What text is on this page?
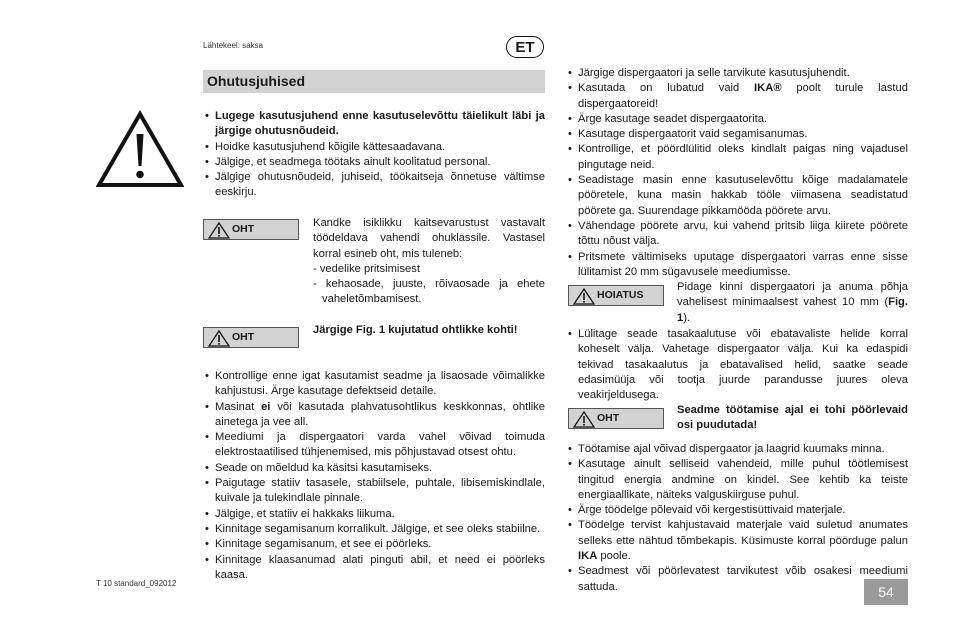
Lähtekeel: saksa	ET
Ohutusjuhised
• Lugege kasutusjuhend enne kasutuselevõttu täielikult läbi ja järgige ohutusnõudeid.
• Hoidke kasutusjuhend kõigile kättesaadavana.
• Jälgige, et seadmega töötaks ainult koolitatud personal.
• Jälgige ohutusnõudeid, juhiseid, töökaitseja õnnetuse vältimse eeskirju.
OHT	Kandke isiklikku kaitsevarustust vastavalt töödeldava vahendi ohuklassile. Vastasel korral esineb oht, mis tuleneb:
- vedelike pritsimisest
- kehaosade, juuste, rõivaosade ja ehete vaheletõmbamisest.
OHT
Järgige Fig. 1 kujutatud ohtlikke kohti!
• Kontrollige enne igat kasutamist seadme ja lisaosade võimalikke kahjustusi. Ärge kasutage defektseid detaile.
• Masinat ei või kasutada plahvatusohtlikus keskkonnas, ohtlike ainetega ja vee all.
• Meediumi ja dispergaatori varda vahel võivad toimuda elektrostaatilised tühjenemised, mis põhjustavad otsest ohtu.
• Seade on mõeldud ka käsitsi kasutamiseks.
• Paigutage statiiv tasasele, stabiilsele, puhtale, libisemiskindlale, kuivale ja tulekindlale pinnale.
• Jälgige, et statiiv ei hakkaks liikuma.
• Kinnitage segamisanum korralikult. Jälgige, et see oleks stabiilne.
• Kinnitage segamisanum, et see ei pöörleks.
• Kinnitage klaasanumad alati pinguti abil, et need ei pöörleks kaasa.
• Järgige dispergaatori ja selle tarvikute kasutusjuhendit.
• Kasutada on lubatud vaid IKA® poolt turule lastud dispergaatoreid!
• Ärge kasutage seadet dispergaatorita.
• Kasutage dispergaatorit vaid segamisanumas.
• Kontrollige, et pöördlülitid oleks kindlalt paigas ning vajadusel pingutage neid.
• Seadistage masin enne kasutuselevõttu kõige madalamatele pööretele, kuna masin hakkab tööle viimasena seadistatud pöörete ga. Suurendage pikkamööda pöörete arvu.
• Vähendage pöörete arvu, kui vahend pritsib liiga kiirete pöörete tõttu nõust välja.
• Pritsmete vältimiseks uputage dispergaatori varras enne sisse lülitamist 20 mm sügavusele meediumisse.
HOIATUS
Pidage kinni dispergaatori ja anuma põhja vahelisest minimaalsest vahest 10 mm (Fig. 1).
• Lülitage seade tasakaalutuse või ebatavaliste helide korral koheselt välja. Vahetage dispergaator välja. Kui ka edaspidi tekivad tasakaalutus ja ebatavalised helid, saatke seade edasimüüja või tootja juurde parandusse juures oleva veakirjeldusega.
OHT
Seadme töötamise ajal ei tohi pöörlevaid osi puudutada!
• Töötamise ajal võivad dispergaator ja laagrid kuumaks minna.
• Kasutage ainult selliseid vahendeid, mille puhul töötlemisest tingitud energia andmine on kindel. See kehtib ka teiste energiaallikate, näiteks valguskiirguse puhul.
• Ärge töödelge põlevaid või kergestisüttivaid materjale.
• Töödelge tervist kahjustavaid materjale vaid suletud anumates selleks ette nähtud tõmbekapis. Küsimuste korral pöörduge palun IKA poole.
• Seadmest või pöörlevatest tarvikutest võib osakesi meediumi sattuda.
T 10 standard_092012
54
